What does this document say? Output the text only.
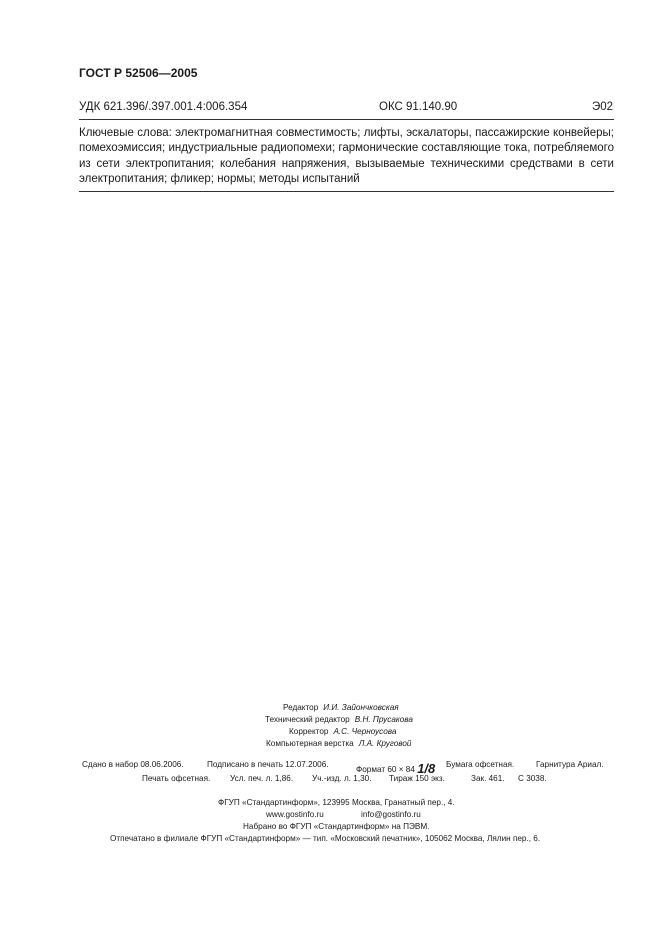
ГОСТ Р 52506—2005
УДК 621.396/.397.001.4:006.354	ОКС 91.140.90	Э02
Ключевые слова: электромагнитная совместимость; лифты, эскалаторы, пассажирские конвейеры; помехоэмиссия; индустриальные радиопомехи; гармонические составляющие тока, потребляемого из сети электропитания; колебания напряжения, вызываемые техническими средствами в сети электропитания; фликер; нормы; методы испытаний
Редактор И.И. Зайончковская
Технический редактор В.Н. Прусакова
Корректор А.С. Черноусова
Компьютерная верстка Л.А. Круговой
Сдано в набор 08.06.2006.	Подписано в печать 12.07.2006.
Формат 60 × 84 1/8 Бумага офсетная.	Гарнитура Ариал.
Печать офсетная. Усл. печ. л. 1,86. Уч.-изд. л. 1,30. Тираж 150 экз.	Зак. 461. С 3038.
ФГУП «Стандартинформ», 123995 Москва, Гранатный пер., 4.
www.gostinfo.ru	info@gostinfo.ru
Набрано во ФГУП «Стандартинформ» на ПЭВМ.
Отпечатано в филиале ФГУП «Стандартинформ» — тип. «Московский печатник», 105062 Москва, Лялин пер., 6.
